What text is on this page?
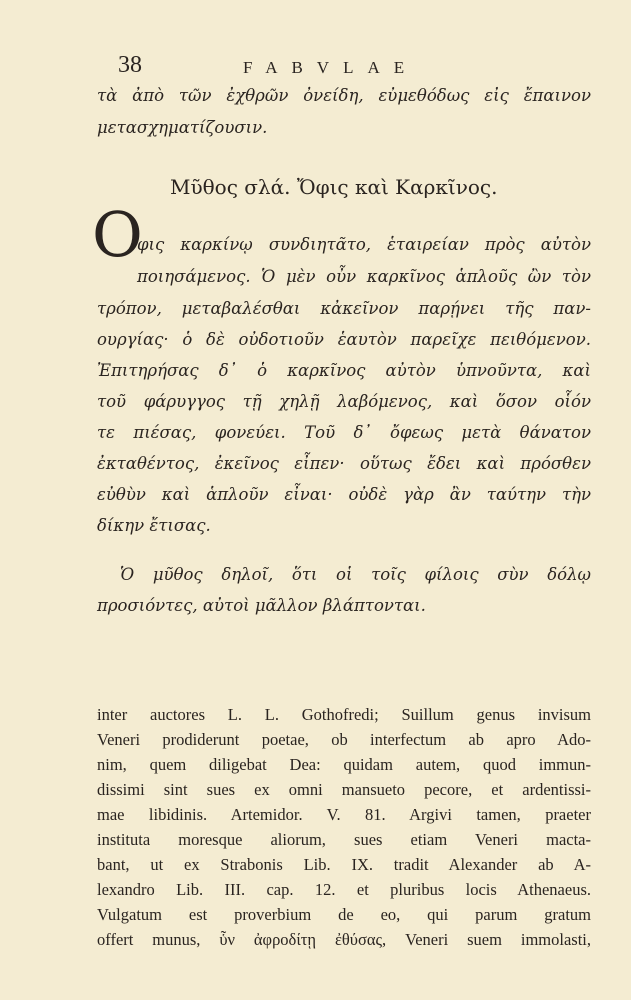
38	FABVLAE
τὰ ἀπὸ τῶν ἐχθρῶν ὀνείδη, εὐμεθόδως εἰς ἔπαινον
μετασχηματίζουσιν.
Μῦθος σλά. Ὄφις καὶ Καρκῖνος.
Ο
φις καρκίνῳ συνδιητᾶτο, ἑταιρείαν πρὸς αὐτὸν
ποιησάμενος. Ὁ μὲν οὖν καρκῖνος ἁπλοῦς ὢν τὸν
τρόπον, μεταβαλέσθαι κἀκεῖνον παρῄνει τῆς παν-
ουργίας· ὁ δὲ οὐδοτιοῦν ἑαυτὸν παρεῖχε πειθόμενον.
Ἐπιτηρήσας δ᾽ ὁ καρκῖνος αὐτὸν ὑπνοῦντα, καὶ
τοῦ φάρυγγος τῇ χηλῇ λαβόμενος, καὶ ὅσον οἷόν
τε πιέσας, φονεύει. Τοῦ δ᾽ ὄφεως μετὰ θάνατον
ἐκταθέντος, ἐκεῖνος εἶπεν· οὕτως ἔδει καὶ πρόσθεν
εὐθὺν καὶ ἁπλοῦν εἶναι· οὐδὲ γὰρ ἂν ταύτην τὴν
δίκην ἔτισας.
Ὁ μῦθος δηλοῖ, ὅτι οἱ τοῖς φίλοις σὺν δόλῳ
προσιόντες, αὐτοὶ μᾶλλον βλάπτονται.
inter auctores L. L. Gothofredi; Suillum genus invisum
Veneri prodiderunt poetae, ob interfectum ab apro Ado-
nim, quem diligebat Dea: quidam autem, quod immun-
dissimi sint sues ex omni mansueto pecore, et ardentissi-
mae libidinis. Artemidor. V. 81. Argivi tamen, praeter
instituta moresque aliorum, sues etiam Veneri macta-
bant, ut ex Strabonis Lib. IX. tradit Alexander ab A-
lexandro Lib. III. cap. 12. et pluribus locis Athenaeus.
Vulgatum est proverbium de eo, qui parum gratum
offert munus, ὗν ἀφροδίτῃ ἐθύσας, Veneri suem immolasti,
